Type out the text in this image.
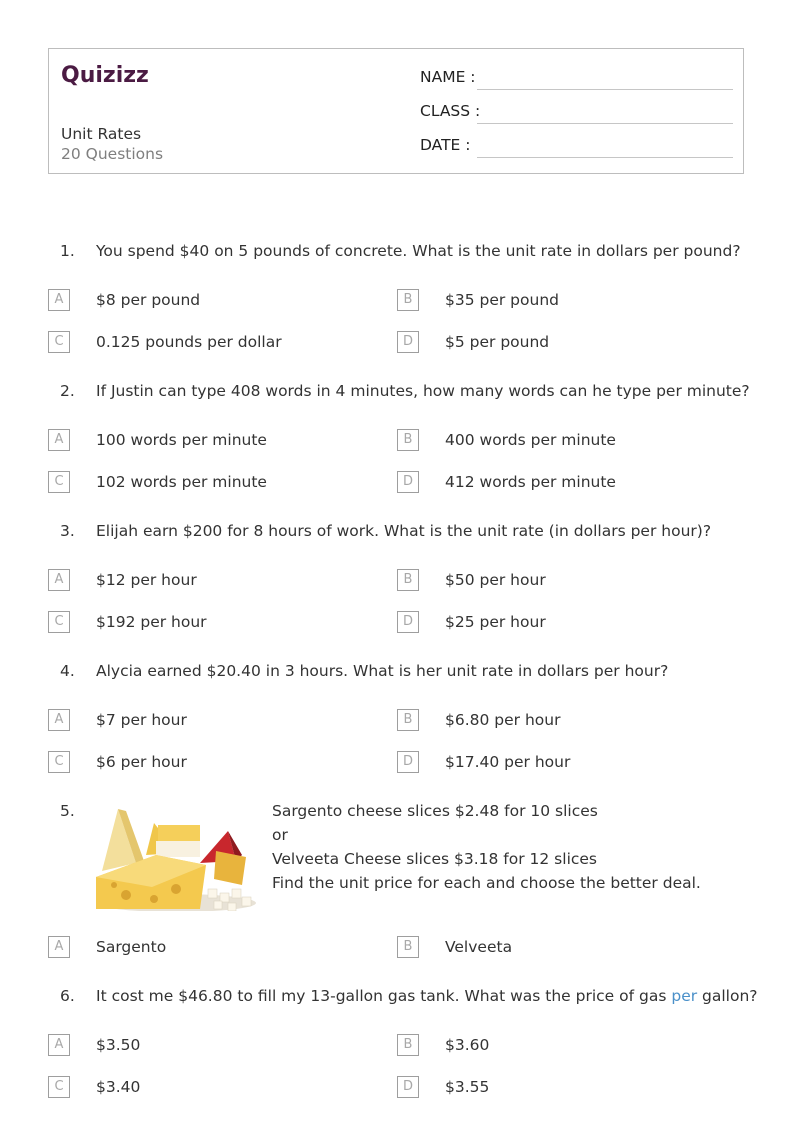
Quizizz
Unit Rates
20 Questions
NAME :
CLASS :
DATE :
1. You spend $40 on 5 pounds of concrete. What is the unit rate in dollars per pound?
A	$8 per pound	B	$35 per pound
C	0.125 pounds per dollar	D	$5 per pound
2. If Justin can type 408 words in 4 minutes, how many words can he type per minute?
A	100 words per minute	B	400 words per minute
C	102 words per minute	D	412 words per minute
3. Elijah earn $200 for 8 hours of work. What is the unit rate (in dollars per hour)?
A	$12 per hour	B	$50 per hour
C	$192 per hour	D	$25 per hour
4. Alycia earned $20.40 in 3 hours. What is her unit rate in dollars per hour?
A	$7 per hour	B	$6.80 per hour
C	$6 per hour	D	$17.40 per hour
5.	Sargento cheese slices $2.48 for 10 slices
or
Velveeta Cheese slices $3.18 for 12 slices
Find the unit price for each and choose the better deal.
A	Sargento	B	Velveeta
6. It cost me $46.80 to fill my 13-gallon gas tank. What was the price of gas per gallon?
A	$3.50	B	$3.60
C	$3.40	D	$3.55
